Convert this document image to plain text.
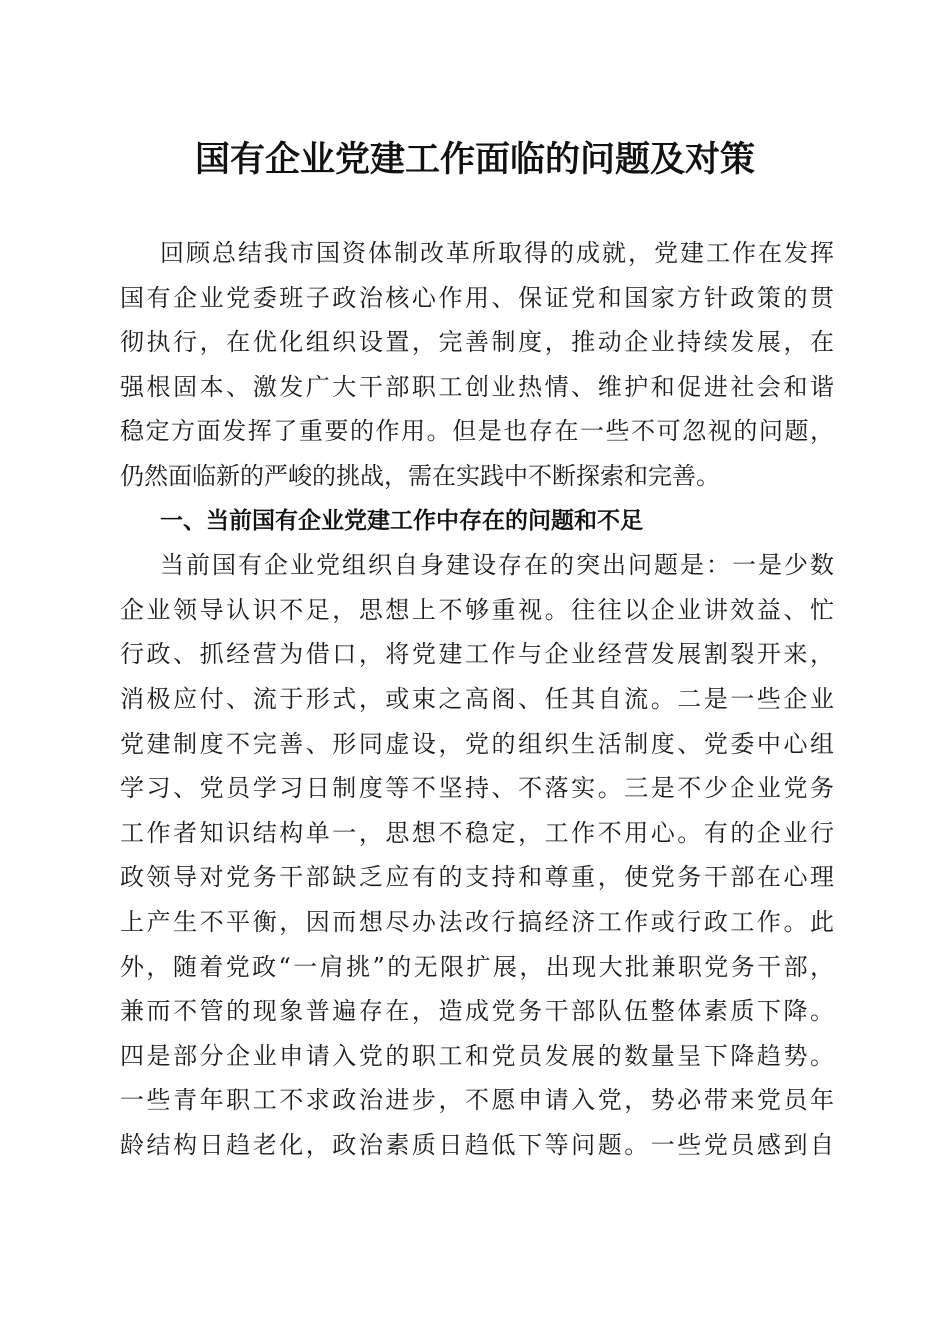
国有企业党建工作面临的问题及对策
回顾总结我市国资体制改革所取得的成就，党建工作在发挥
国有企业党委班子政治核心作用、保证党和国家方针政策的贯
彻执行，在优化组织设置，完善制度，推动企业持续发展，在
强根固本、激发广大干部职工创业热情、维护和促进社会和谐
稳定方面发挥了重要的作用。但是也存在一些不可忽视的问题，
仍然面临新的严峻的挑战，需在实践中不断探索和完善。
一、当前国有企业党建工作中存在的问题和不足
当前国有企业党组织自身建设存在的突出问题是：一是少数
企业领导认识不足，思想上不够重视。往往以企业讲效益、忙
行政、抓经营为借口，将党建工作与企业经营发展割裂开来，
消极应付、流于形式，或束之高阁、任其自流。二是一些企业
党建制度不完善、形同虚设，党的组织生活制度、党委中心组
学习、党员学习日制度等不坚持、不落实。三是不少企业党务
工作者知识结构单一，思想不稳定，工作不用心。有的企业行
政领导对党务干部缺乏应有的支持和尊重，使党务干部在心理
上产生不平衡，因而想尽办法改行搞经济工作或行政工作。此
外，随着党政“一肩挑”的无限扩展，出现大批兼职党务干部，
兼而不管的现象普遍存在，造成党务干部队伍整体素质下降。
四是部分企业申请入党的职工和党员发展的数量呈下降趋势。
一些青年职工不求政治进步，不愿申请入党，势必带来党员年
龄结构日趋老化，政治素质日趋低下等问题。一些党员感到自
